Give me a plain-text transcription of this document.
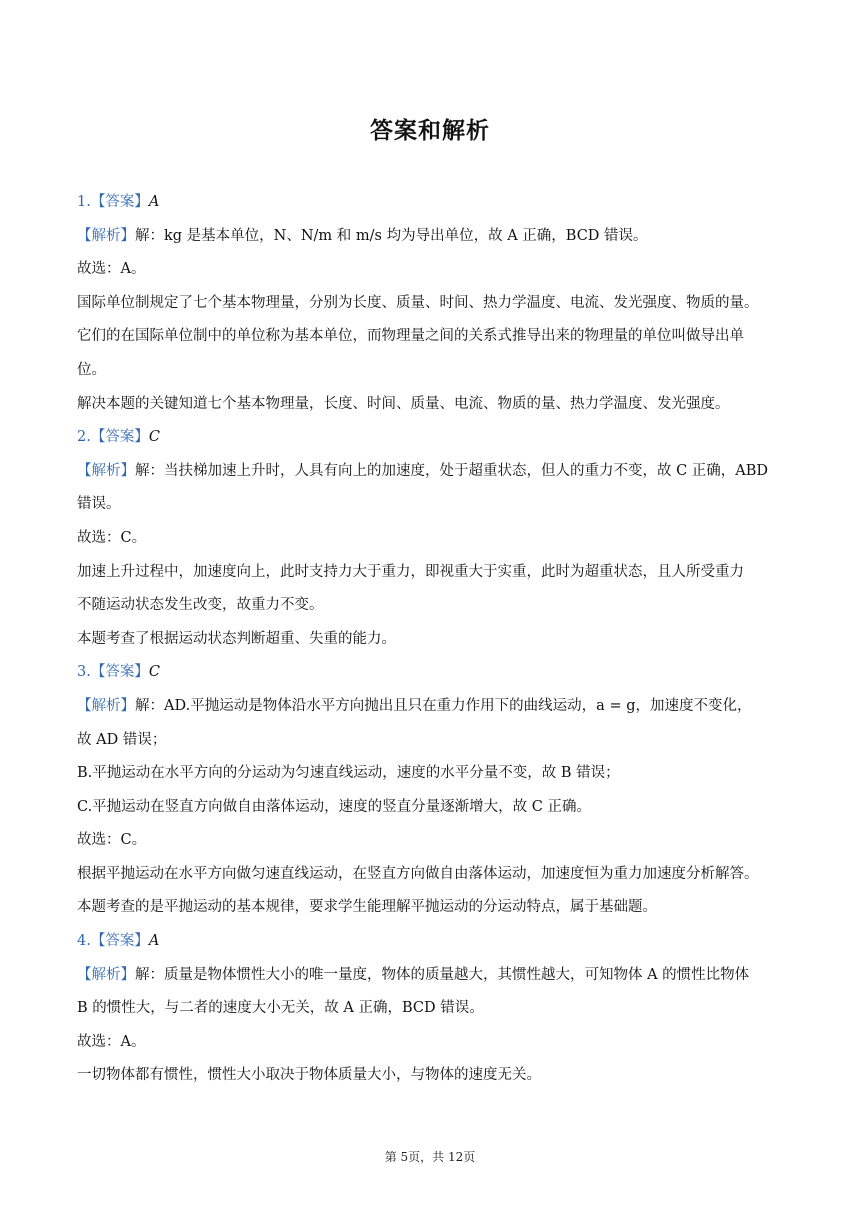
答案和解析
1.【答案】A
【解析】解：kg 是基本单位，N、N/m 和 m/s 均为导出单位，故 A 正确，BCD 错误。
故选：A。
国际单位制规定了七个基本物理量，分别为长度、质量、时间、热力学温度、电流、发光强度、物质的量。
它们的在国际单位制中的单位称为基本单位，而物理量之间的关系式推导出来的物理量的单位叫做导出单
位。
解决本题的关键知道七个基本物理量，长度、时间、质量、电流、物质的量、热力学温度、发光强度。
2.【答案】C
【解析】解：当扶梯加速上升时，人具有向上的加速度，处于超重状态，但人的重力不变，故 C 正确，ABD
错误。
故选：C。
加速上升过程中，加速度向上，此时支持力大于重力，即视重大于实重，此时为超重状态，且人所受重力
不随运动状态发生改变，故重力不变。
本题考查了根据运动状态判断超重、失重的能力。
3.【答案】C
【解析】解：AD.平抛运动是物体沿水平方向抛出且只在重力作用下的曲线运动，a = g，加速度不变化，
故 AD 错误；
B.平抛运动在水平方向的分运动为匀速直线运动，速度的水平分量不变，故 B 错误；
C.平抛运动在竖直方向做自由落体运动，速度的竖直分量逐渐增大，故 C 正确。
故选：C。
根据平抛运动在水平方向做匀速直线运动，在竖直方向做自由落体运动，加速度恒为重力加速度分析解答。
本题考查的是平抛运动的基本规律，要求学生能理解平抛运动的分运动特点，属于基础题。
4.【答案】A
【解析】解：质量是物体惯性大小的唯一量度，物体的质量越大，其惯性越大，可知物体 A 的惯性比物体
B 的惯性大，与二者的速度大小无关，故 A 正确，BCD 错误。
故选：A。
一切物体都有惯性，惯性大小取决于物体质量大小，与物体的速度无关。
第 5页，共 12页
